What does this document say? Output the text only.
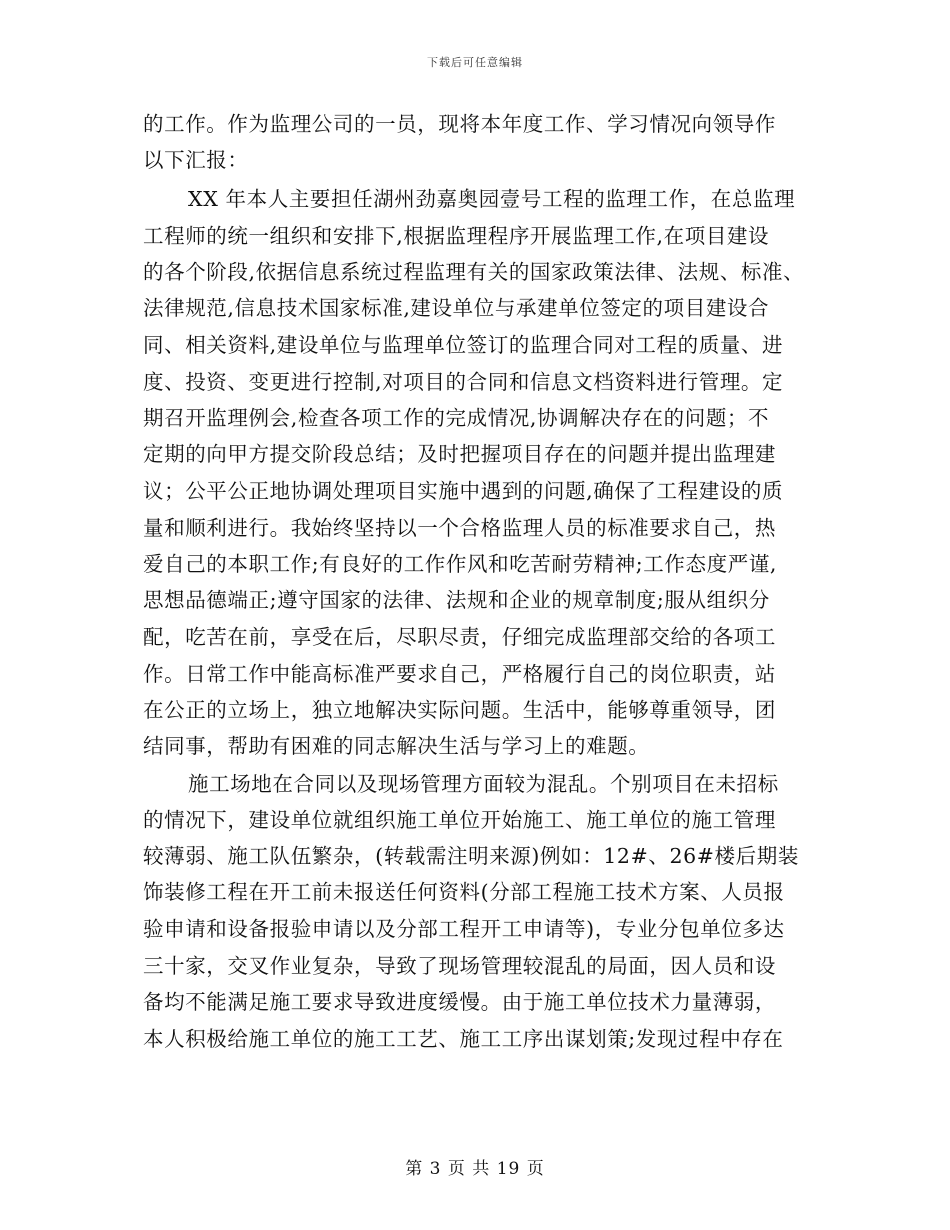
下载后可任意编辑
的工作。作为监理公司的一员，现将本年度工作、学习情况向领导作
以下汇报：
XX 年本人主要担任湖州劲嘉奥园壹号工程的监理工作，在总监理
工程师的统一组织和安排下,根据监理程序开展监理工作,在项目建设
的各个阶段,依据信息系统过程监理有关的国家政策法律、法规、标准、
法律规范,信息技术国家标准,建设单位与承建单位签定的项目建设合
同、相关资料,建设单位与监理单位签订的监理合同对工程的质量、进
度、投资、变更进行控制,对项目的合同和信息文档资料进行管理。定
期召开监理例会,检查各项工作的完成情况,协调解决存在的问题；不
定期的向甲方提交阶段总结；及时把握项目存在的问题并提出监理建
议；公平公正地协调处理项目实施中遇到的问题,确保了工程建设的质
量和顺利进行。我始终坚持以一个合格监理人员的标准要求自己，热
爱自己的本职工作;有良好的工作作风和吃苦耐劳精神;工作态度严谨,
思想品德端正;遵守国家的法律、法规和企业的规章制度;服从组织分
配，吃苦在前，享受在后，尽职尽责，仔细完成监理部交给的各项工
作。日常工作中能高标准严要求自己，严格履行自己的岗位职责，站
在公正的立场上，独立地解决实际问题。生活中，能够尊重领导，团
结同事，帮助有困难的同志解决生活与学习上的难题。
施工场地在合同以及现场管理方面较为混乱。个别项目在未招标
的情况下，建设单位就组织施工单位开始施工、施工单位的施工管理
较薄弱、施工队伍繁杂，(转载需注明来源)例如：12#、26#楼后期装
饰装修工程在开工前未报送任何资料(分部工程施工技术方案、人员报
验申请和设备报验申请以及分部工程开工申请等)，专业分包单位多达
三十家，交叉作业复杂，导致了现场管理较混乱的局面，因人员和设
备均不能满足施工要求导致进度缓慢。由于施工单位技术力量薄弱，
本人积极给施工单位的施工工艺、施工工序出谋划策;发现过程中存在
第 3 页 共 19 页
